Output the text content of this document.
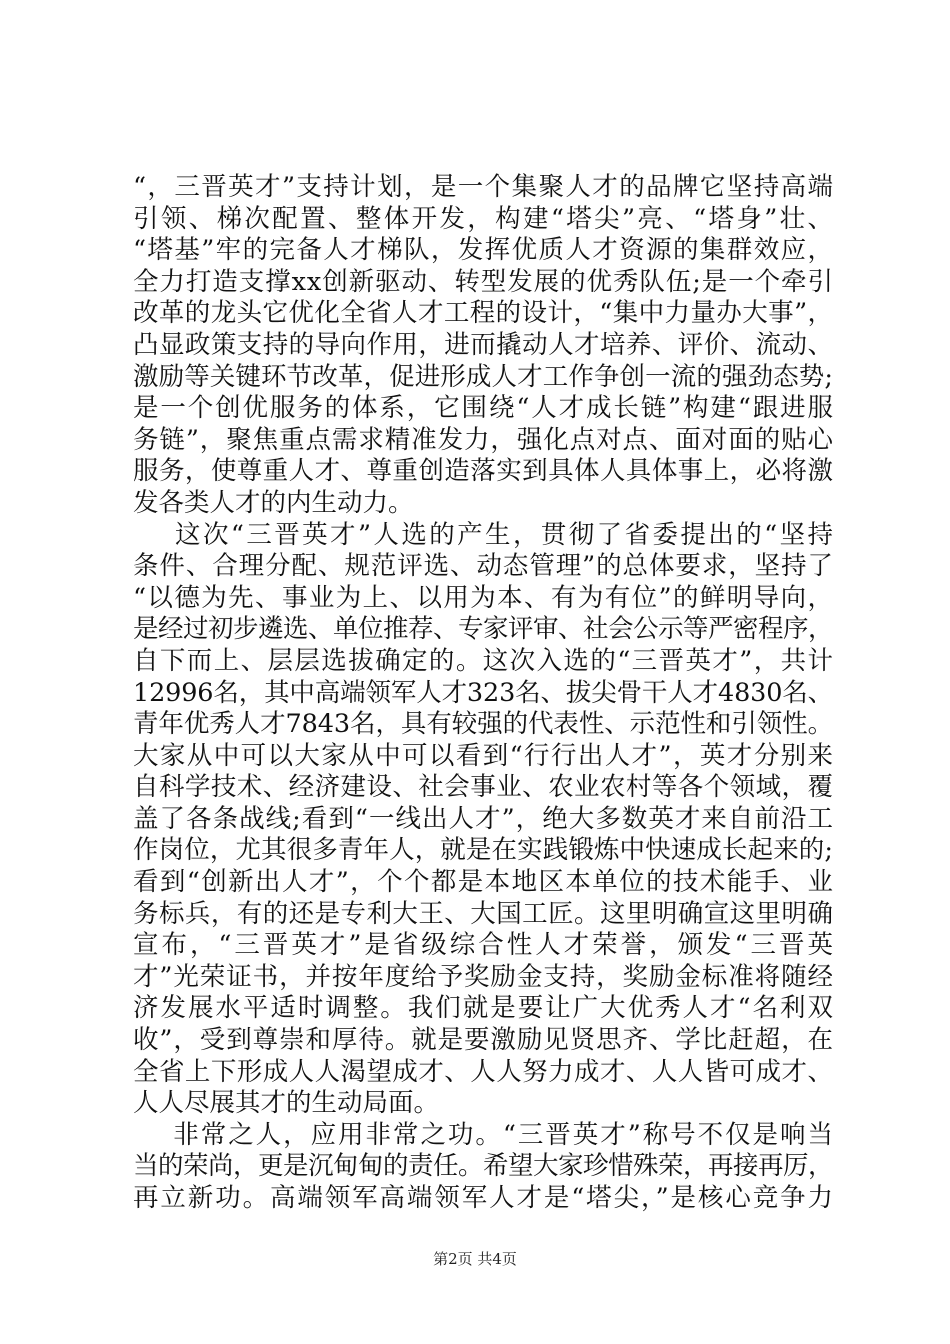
“，三晋英才”支持计划，是一个集聚人才的品牌它坚持高端
引领、梯次配置、整体开发，构建“塔尖”亮、“塔身”壮、
“塔基”牢的完备人才梯队，发挥优质人才资源的集群效应，
全力打造支撑xx创新驱动、转型发展的优秀队伍;是一个牵引
改革的龙头它优化全省人才工程的设计，“集中力量办大事”，
凸显政策支持的导向作用，进而撬动人才培养、评价、流动、
激励等关键环节改革，促进形成人才工作争创一流的强劲态势;
是一个创优服务的体系，它围绕“人才成长链”构建“跟进服
务链”，聚焦重点需求精准发力，强化点对点、面对面的贴心
服务，使尊重人才、尊重创造落实到具体人具体事上，必将激
发各类人才的内生动力。
这次“三晋英才”人选的产生，贯彻了省委提出的“坚持
条件、合理分配、规范评选、动态管理”的总体要求，坚持了
“以德为先、事业为上、以用为本、有为有位”的鲜明导向，
是经过初步遴选、单位推荐、专家评审、社会公示等严密程序，
自下而上、层层选拔确定的。这次入选的“三晋英才”，共计
12996名，其中高端领军人才323名、拔尖骨干人才4830名、
青年优秀人才7843名，具有较强的代表性、示范性和引领性。
大家从中可以大家从中可以看到“行行出人才”，英才分别来
自科学技术、经济建设、社会事业、农业农村等各个领域，覆
盖了各条战线;看到“一线出人才”，绝大多数英才来自前沿工
作岗位，尤其很多青年人，就是在实践锻炼中快速成长起来的;
看到“创新出人才”，个个都是本地区本单位的技术能手、业
务标兵，有的还是专利大王、大国工匠。这里明确宣这里明确
宣布，“三晋英才”是省级综合性人才荣誉，颁发“三晋英
才”光荣证书，并按年度给予奖励金支持，奖励金标准将随经
济发展水平适时调整。我们就是要让广大优秀人才“名利双
收”，受到尊崇和厚待。就是要激励见贤思齐、学比赶超，在
全省上下形成人人渴望成才、人人努力成才、人人皆可成才、
人人尽展其才的生动局面。
非常之人，应用非常之功。“三晋英才”称号不仅是响当
当的荣尚，更是沉甸甸的责任。希望大家珍惜殊荣，再接再厉，
再立新功。高端领军高端领军人才是“塔尖，”是核心竞争力
第2页 共4页
